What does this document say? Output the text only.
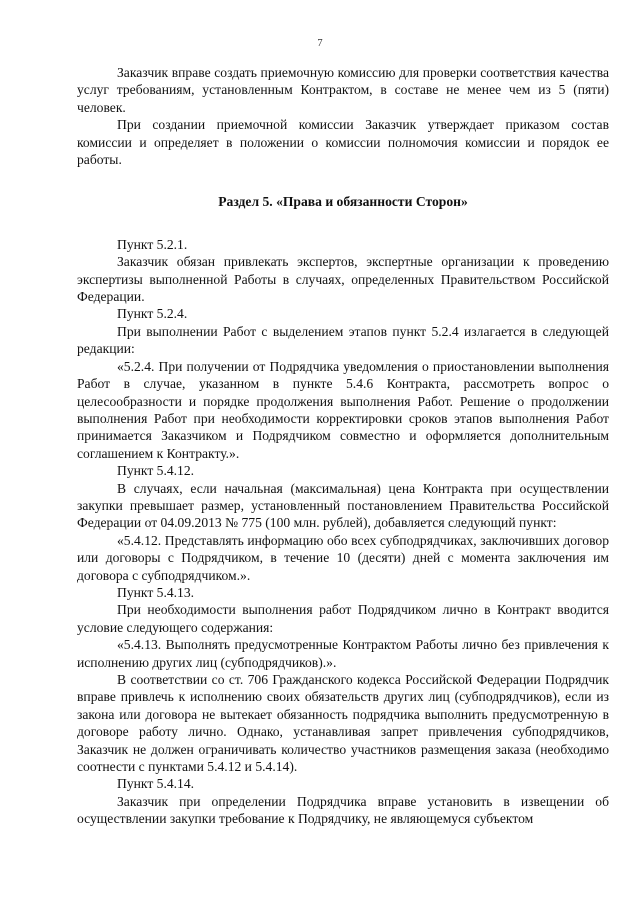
7

Заказчик вправе создать приемочную комиссию для проверки соответствия качества услуг требованиям, установленным Контрактом, в составе не менее чем из 5 (пяти) человек.

При создании приемочной комиссии Заказчик утверждает приказом состав комиссии и определяет в положении о комиссии полномочия комиссии и порядок ее работы.

Раздел 5. «Права и обязанности Сторон»

Пункт 5.2.1.

Заказчик обязан привлекать экспертов, экспертные организации к проведению экспертизы выполненной Работы в случаях, определенных Правительством Российской Федерации.

Пункт 5.2.4.

При выполнении Работ с выделением этапов пункт 5.2.4 излагается в следующей редакции:

«5.2.4. При получении от Подрядчика уведомления о приостановлении выполнения Работ в случае, указанном в пункте 5.4.6 Контракта, рассмотреть вопрос о целесообразности и порядке продолжения выполнения Работ. Решение о продолжении выполнения Работ при необходимости корректировки сроков этапов выполнения Работ принимается Заказчиком и Подрядчиком совместно и оформляется дополнительным соглашением к Контракту.».

Пункт 5.4.12.

В случаях, если начальная (максимальная) цена Контракта при осуществлении закупки превышает размер, установленный постановлением Правительства Российской Федерации от 04.09.2013 № 775 (100 млн. рублей), добавляется следующий пункт:

«5.4.12. Представлять информацию обо всех субподрядчиках, заключивших договор или договоры с Подрядчиком, в течение 10 (десяти) дней с момента заключения им договора с субподрядчиком.».

Пункт 5.4.13.

При необходимости выполнения работ Подрядчиком лично в Контракт вводится условие следующего содержания:

«5.4.13. Выполнять предусмотренные Контрактом Работы лично без привлечения к исполнению других лиц (субподрядчиков).».

В соответствии со ст. 706 Гражданского кодекса Российской Федерации Подрядчик вправе привлечь к исполнению своих обязательств других лиц (субподрядчиков), если из закона или договора не вытекает обязанность подрядчика выполнить предусмотренную в договоре работу лично. Однако, устанавливая запрет привлечения субподрядчиков, Заказчик не должен ограничивать количество участников размещения заказа (необходимо соотнести с пунктами 5.4.12 и 5.4.14).

Пункт 5.4.14.

Заказчик при определении Подрядчика вправе установить в извещении об осуществлении закупки требование к Подрядчику, не являющемуся субъектом
